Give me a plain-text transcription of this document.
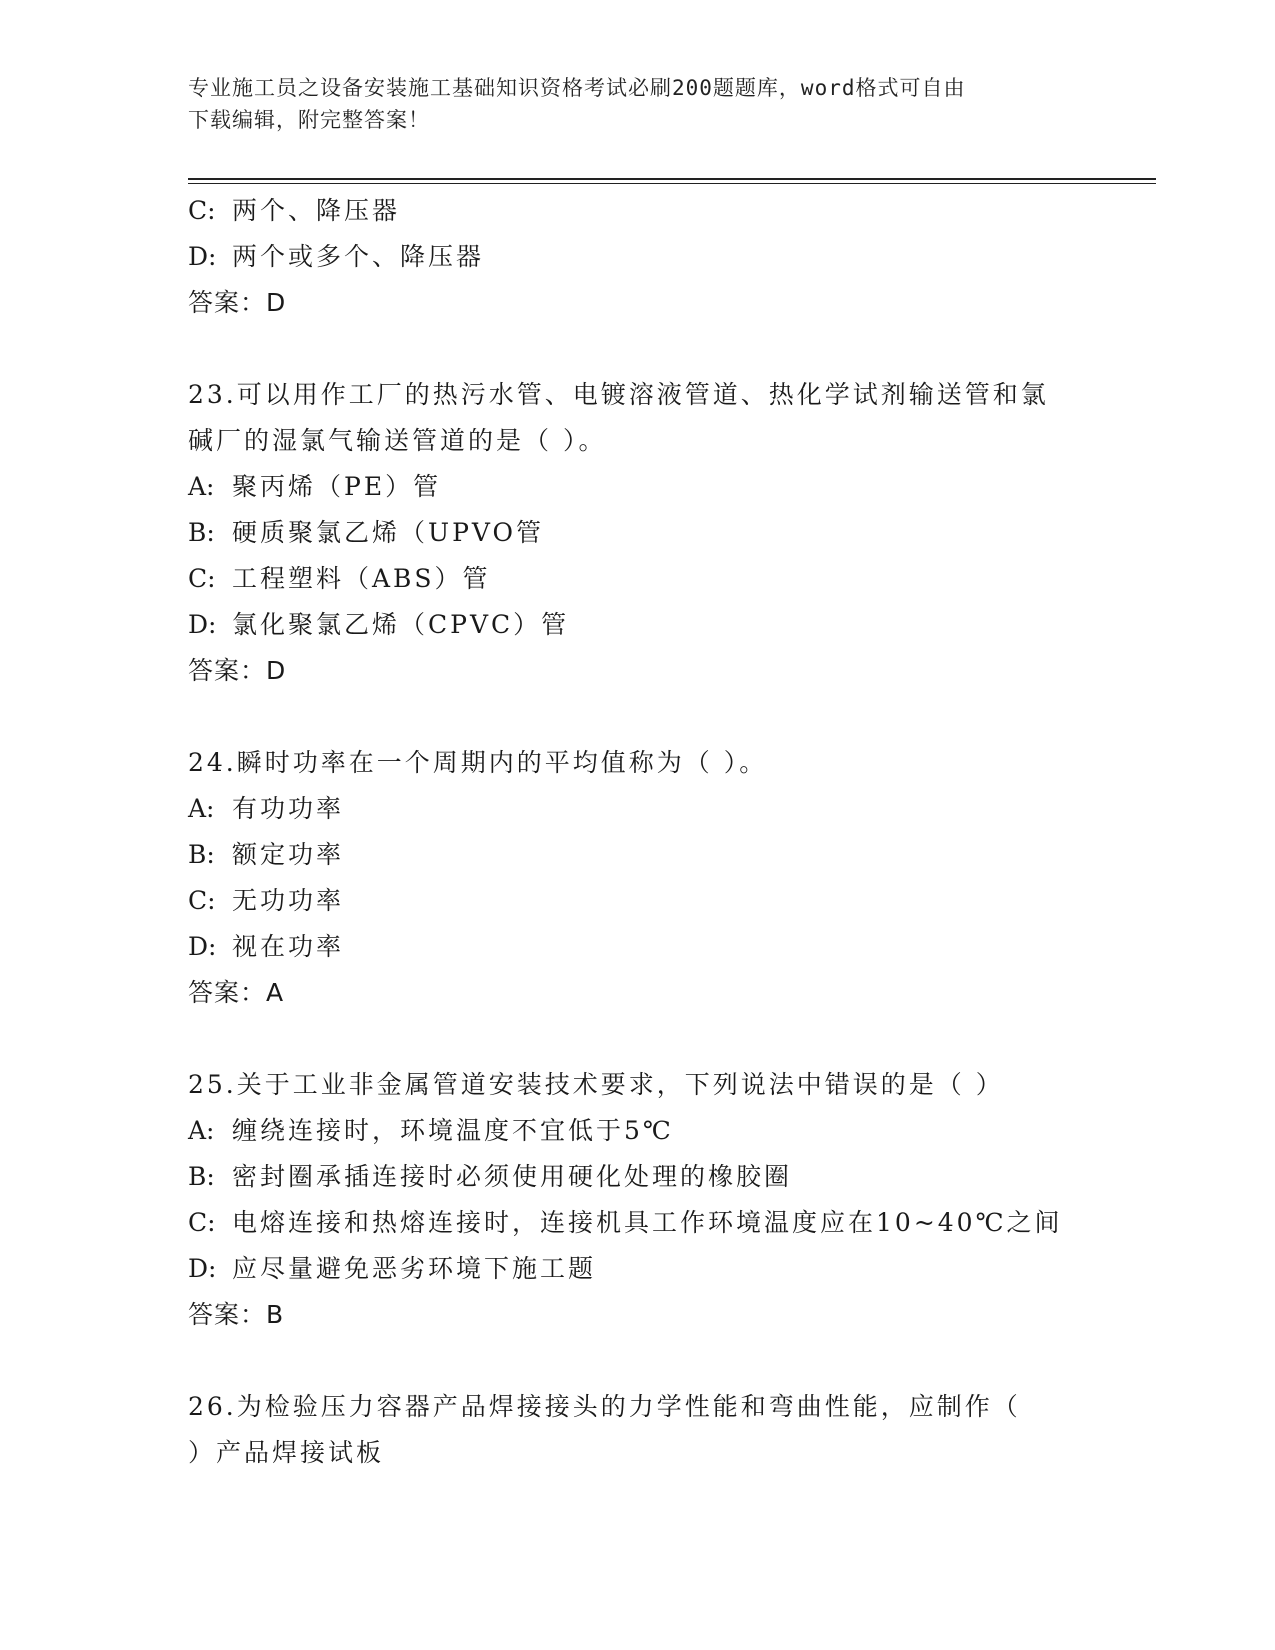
专业施工员之设备安装施工基础知识资格考试必刷200题题库，word格式可自由
下载编辑，附完整答案！
C: 两个、降压器
D: 两个或多个、降压器
答案：D
23.可以用作工厂的热污水管、电镀溶液管道、热化学试剂输送管和氯
碱厂的湿氯气输送管道的是（ ）。
A: 聚丙烯（PE）管
B: 硬质聚氯乙烯（UPVO管
C: 工程塑料（ABS）管
D: 氯化聚氯乙烯（CPVC）管
答案：D
24.瞬时功率在一个周期内的平均值称为（ ）。
A: 有功功率
B: 额定功率
C: 无功功率
D: 视在功率
答案：A
25.关于工业非金属管道安装技术要求，下列说法中错误的是（ ）
A: 缠绕连接时，环境温度不宜低于5℃
B: 密封圈承插连接时必须使用硬化处理的橡胶圈
C: 电熔连接和热熔连接时，连接机具工作环境温度应在10~40℃之间
D: 应尽量避免恶劣环境下施工题
答案：B
26.为检验压力容器产品焊接接头的力学性能和弯曲性能，应制作（
）产品焊接试板
